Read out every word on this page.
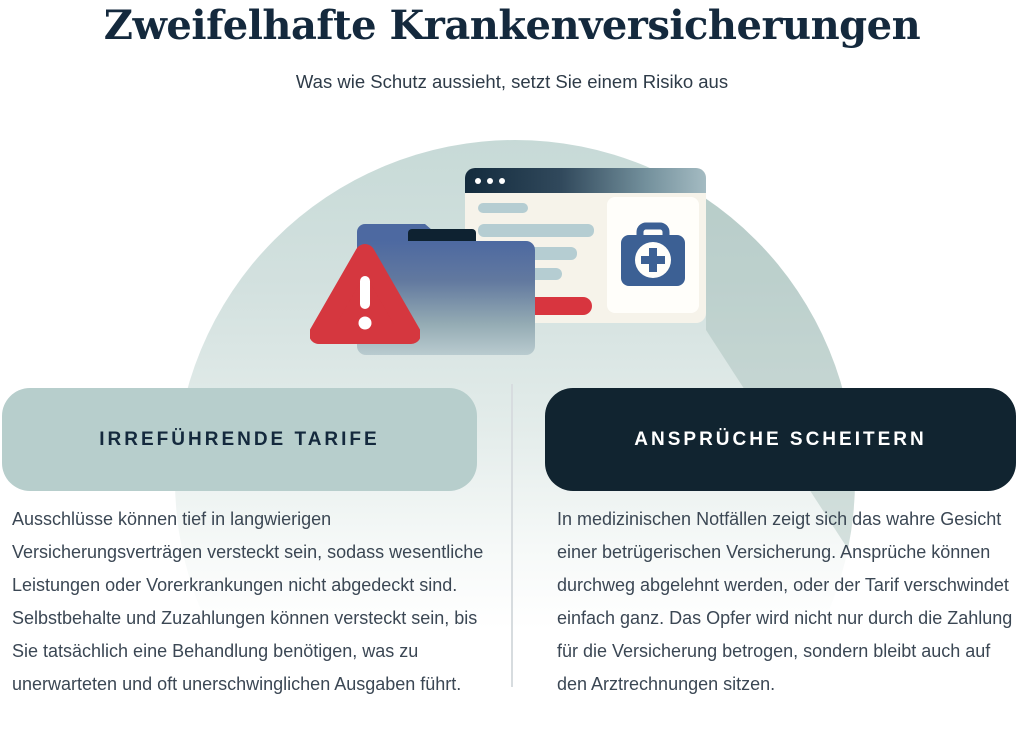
Zweifelhafte Krankenversicherungen

Was wie Schutz aussieht, setzt Sie einem Risiko aus

IRREFÜHRENDE TARIFE	ANSPRÜCHE SCHEITERN

Ausschlüsse können tief in langwierigen Versicherungsverträgen versteckt sein, sodass wesentliche Leistungen oder Vorerkrankungen nicht abgedeckt sind. Selbstbehalte und Zuzahlungen können versteckt sein, bis Sie tatsächlich eine Behandlung benötigen, was zu unerwarteten und oft unerschwinglichen Ausgaben führt.

In medizinischen Notfällen zeigt sich das wahre Gesicht einer betrügerischen Versicherung. Ansprüche können durchweg abgelehnt werden, oder der Tarif verschwindet einfach ganz. Das Opfer wird nicht nur durch die Zahlung für die Versicherung betrogen, sondern bleibt auch auf den Arztrechnungen sitzen.
